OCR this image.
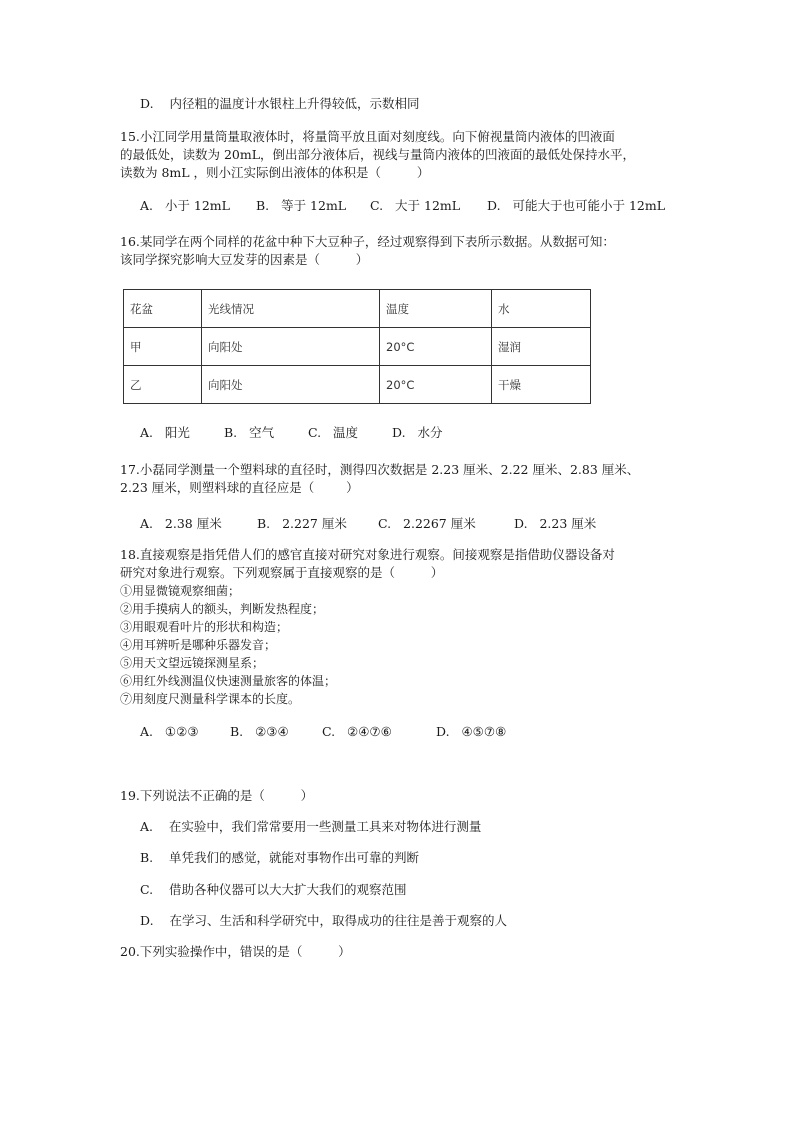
D.    内径粗的温度计水银柱上升得较低，示数相同
15.小江同学用量筒量取液体时，将量筒平放且面对刻度线。向下俯视量筒内液体的凹液面
的最低处，读数为 20mL，倒出部分液体后，视线与量筒内液体的凹液面的最低处保持水平，
读数为 8mL ，则小江实际倒出液体的体积是（         ）
A.   小于 12mL	B.   等于 12mL	C.   大于 12mL	D.   可能大于也可能小于 12mL
16.某同学在两个同样的花盆中种下大豆种子，经过观察得到下表所示数据。从数据可知：
该同学探究影响大豆发芽的因素是（         ）
花盆	光线情况	温度	水
甲	向阳处	20°C	湿润
乙	向阳处	20°C	干燥
A.   阳光	B.   空气	C.   温度	D.   水分
17.小磊同学测量一个塑料球的直径时，测得四次数据是 2.23 厘米、2.22 厘米、2.83 厘米、
2.23 厘米，则塑料球的直径应是（        ）
A.   2.38 厘米	B.   2.227 厘米	C.   2.2267 厘米	D.   2.23 厘米
18.直接观察是指凭借人们的感官直接对研究对象进行观察。间接观察是指借助仪器设备对
研究对象进行观察。下列观察属于直接观察的是（         ）
①用显微镜观察细菌；
②用手摸病人的额头，判断发热程度；
③用眼观看叶片的形状和构造；
④用耳辨听是哪种乐器发音；
⑤用天文望远镜探测星系；
⑥用红外线测温仪快速测量旅客的体温；
⑦用刻度尺测量科学课本的长度。
A.   ①②③	B.   ②③④	C.   ②④⑦⑥	D.   ④⑤⑦⑧
19.下列说法不正确的是（         ）
A.    在实验中，我们常常要用一些测量工具来对物体进行测量
B.    单凭我们的感觉，就能对事物作出可靠的判断
C.    借助各种仪器可以大大扩大我们的观察范围
D.    在学习、生活和科学研究中，取得成功的往往是善于观察的人
20.下列实验操作中，错误的是（         ）
